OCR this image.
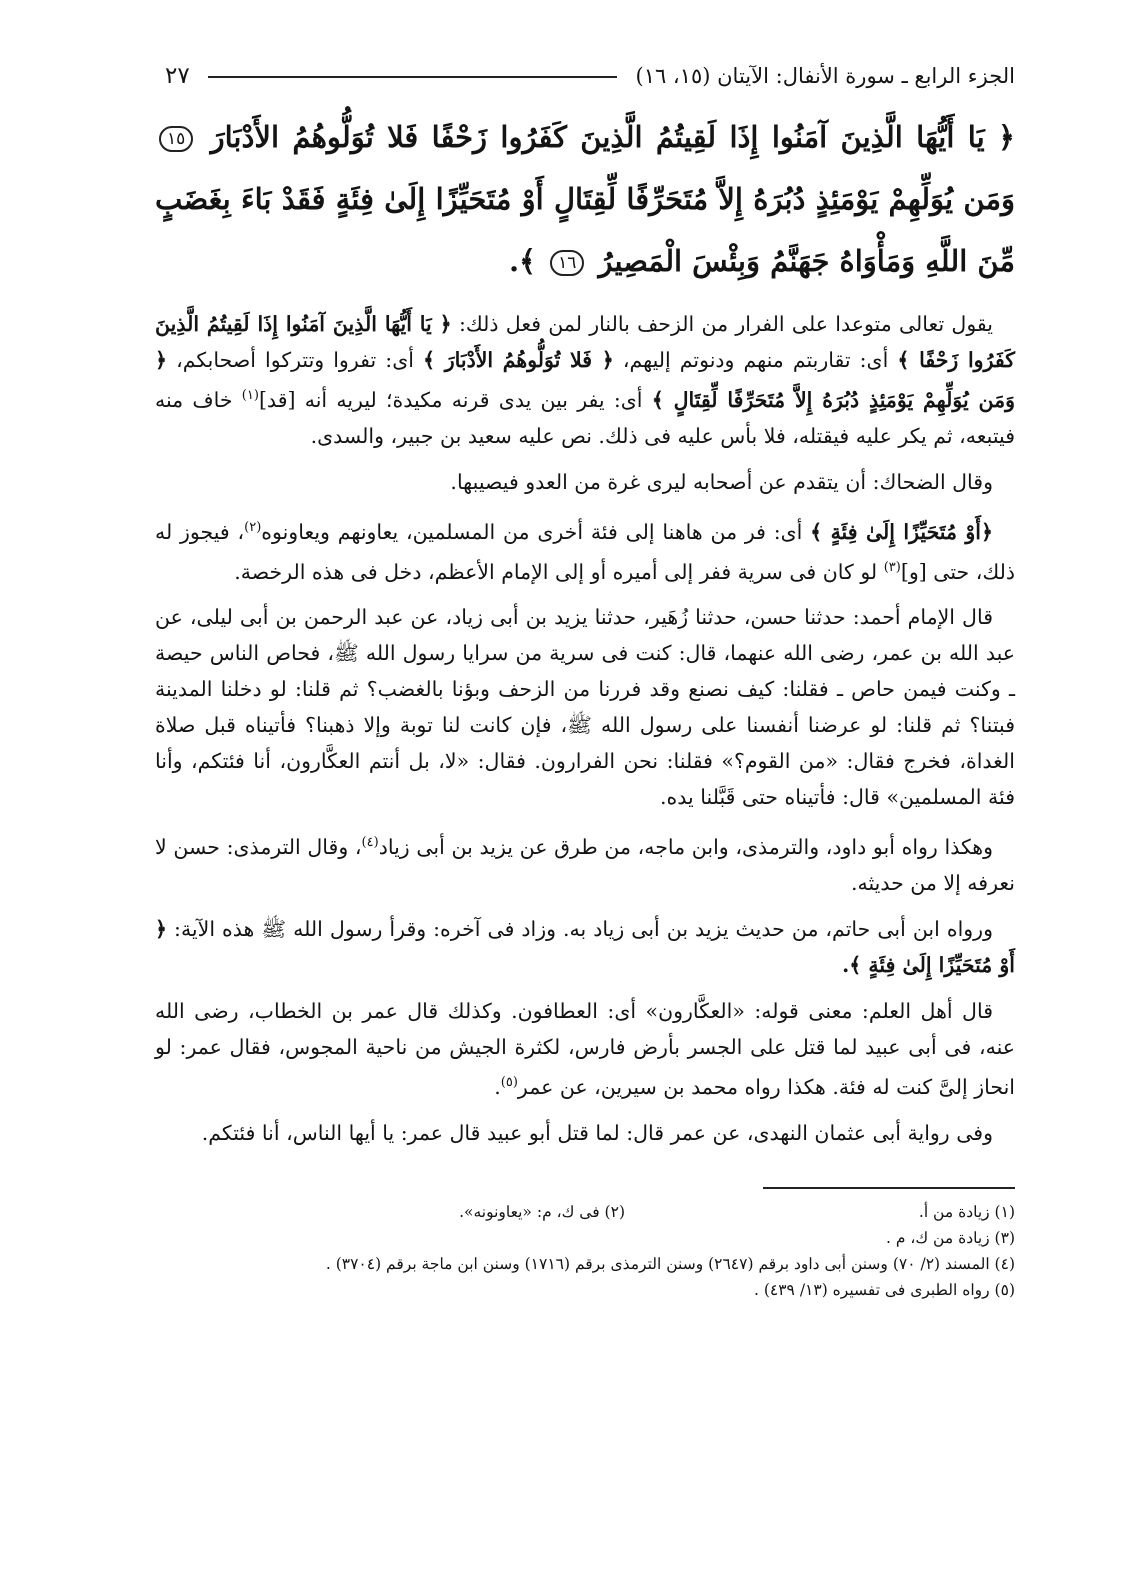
الجزء الرابع ـ سورة الأنفال: الآيتان (١٥، ١٦)
٢٧
﴿ يَا أَيُّهَا الَّذِينَ آمَنُوا إِذَا لَقِيتُمُ الَّذِينَ كَفَرُوا زَحْفًا فَلا تُوَلُّوهُمُ الأَدْبَارَ ١٥ وَمَن يُوَلِّهِمْ يَوْمَئِذٍ دُبُرَهُ إِلاَّ مُتَحَرِّفًا لِّقِتَالٍ أَوْ مُتَحَيِّزًا إِلَىٰ فِئَةٍ فَقَدْ بَاءَ بِغَضَبٍ مِّنَ اللَّهِ وَمَأْوَاهُ جَهَنَّمُ وَبِئْسَ الْمَصِيرُ ١٦ ﴾.

يقول تعالى متوعدا على الفرار من الزحف بالنار لمن فعل ذلك: ﴿ يَا أَيُّهَا الَّذِينَ آمَنُوا إِذَا لَقِيتُمُ الَّذِينَ كَفَرُوا زَحْفًا ﴾ أى: تقاربتم منهم ودنوتم إليهم، ﴿ فَلا تُوَلُّوهُمُ الأَدْبَارَ ﴾ أى: تفروا وتتركوا أصحابكم، ﴿ وَمَن يُوَلِّهِمْ يَوْمَئِذٍ دُبُرَهُ إِلاَّ مُتَحَرِّفًا لِّقِتَالٍ ﴾ أى: يفر بين يدى قرنه مكيدة؛ ليريه أنه [قد]$^{(١)}$ خاف منه فيتبعه، ثم يكر عليه فيقتله، فلا بأس عليه فى ذلك. نص عليه سعيد بن جبير، والسدى.

وقال الضحاك: أن يتقدم عن أصحابه ليرى غرة من العدو فيصيبها.

﴿أَوْ مُتَحَيِّزًا إِلَىٰ فِئَةٍ ﴾ أى: فر من هاهنا إلى فئة أخرى من المسلمين، يعاونهم ويعاونوه$^{(٢)}$، فيجوز له ذلك، حتى [و]$^{(٣)}$ لو كان فى سرية ففر إلى أميره أو إلى الإمام الأعظم، دخل فى هذه الرخصة.

قال الإمام أحمد: حدثنا حسن، حدثنا زُهَير، حدثنا يزيد بن أبى زياد، عن عبد الرحمن بن أبى ليلى، عن عبد الله بن عمر، رضى الله عنهما، قال: كنت فى سرية من سرايا رسول الله ﷺ، فحاص الناس حيصة ـ وكنت فيمن حاص ـ فقلنا: كيف نصنع وقد فررنا من الزحف وبؤنا بالغضب؟ ثم قلنا: لو دخلنا المدينة فبتنا؟ ثم قلنا: لو عرضنا أنفسنا على رسول الله ﷺ، فإن كانت لنا توبة وإلا ذهبنا؟ فأتيناه قبل صلاة الغداة، فخرج فقال: «من القوم؟» فقلنا: نحن الفرارون. فقال: «لا، بل أنتم العكَّارون، أنا فئتكم، وأنا فئة المسلمين» قال: فأتيناه حتى قَبَّلنا يده.

وهكذا رواه أبو داود، والترمذى، وابن ماجه، من طرق عن يزيد بن أبى زياد$^{(٤)}$، وقال الترمذى: حسن لا نعرفه إلا من حديثه.

ورواه ابن أبى حاتم، من حديث يزيد بن أبى زياد به. وزاد فى آخره: وقرأ رسول الله ﷺ هذه الآية: ﴿ أَوْ مُتَحَيِّزًا إِلَىٰ فِئَةٍ ﴾.

قال أهل العلم: معنى قوله: «العكَّارون» أى: العطافون. وكذلك قال عمر بن الخطاب، رضى الله عنه، فى أبى عبيد لما قتل على الجسر بأرض فارس، لكثرة الجيش من ناحية المجوس، فقال عمر: لو انحاز إلىَّ كنت له فئة. هكذا رواه محمد بن سيرين، عن عمر$^{(٥)}$.

وفى رواية أبى عثمان النهدى، عن عمر قال: لما قتل أبو عبيد قال عمر: يا أيها الناس، أنا فئتكم.

(١) زيادة من أ.
(٢) فى ك، م: «يعاونونه».
(٣) زيادة من ك، م .
(٤) المسند (٢/ ٧٠) وسنن أبى داود برقم (٢٦٤٧) وسنن الترمذى برقم (١٧١٦) وسنن ابن ماجة برقم (٣٧٠٤) .
(٥) رواه الطبرى فى تفسيره (١٣/ ٤٣٩) .
